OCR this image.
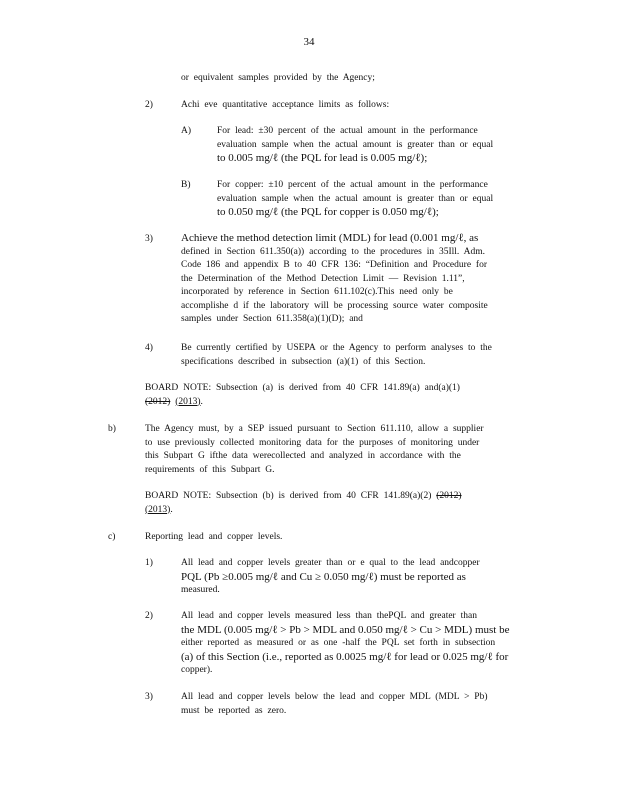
34

or equivalent samples provided by the Agency;

2)	Achi eve quantitative acceptance limits as follows:

A)	For lead: ±30 percent of the actual amount in the performance
evaluation sample when the actual amount is greater than or equal
to 0.005 mg/ℓ (the PQL for lead is 0.005 mg/ℓ);

B)	For copper: ±10 percent of the actual amount in the performance
evaluation sample when the actual amount is greater than or equal
to 0.050 mg/ℓ (the PQL for copper is 0.050 mg/ℓ);

3)	Achieve the method detection limit (MDL) for lead (0.001 mg/ℓ, as
defined in Section 611.350(a)) according to the procedures in 35Ill. Adm.
Code 186 and appendix B to 40 CFR 136: “Definition and Procedure for
the Determination of the Method Detection Limit — Revision 1.11”,
incorporated by reference in Section 611.102(c).This need only be
accomplishe d if the laboratory will be processing source water composite
samples under Section 611.358(a)(1)(D); and

4)	Be currently certified by USEPA or the Agency to perform analyses to the
specifications described in subsection (a)(1) of this Section.
BOARD NOTE: Subsection (a) is derived from 40 CFR 141.89(a) and(a)(1)
(2012) (2013).

b)	The Agency must, by a SEP issued pursuant to Section 611.110, allow a supplier
to use previously collected monitoring data for the purposes of monitoring under
this Subpart G ifthe data werecollected and analyzed in accordance with the
requirements of this Subpart G.
BOARD NOTE: Subsection (b) is derived from 40 CFR 141.89(a)(2) (2012)
(2013).

c)	Reporting lead and copper levels.

1)	All lead and copper levels greater than or e qual to the lead andcopper
PQL (Pb ≥0.005 mg/ℓ and Cu ≥ 0.050 mg/ℓ) must be reported as
measured.

2)	All lead and copper levels measured less than thePQL and greater than
the MDL (0.005 mg/ℓ > Pb > MDL and 0.050 mg/ℓ > Cu > MDL) must be
either reported as measured or as one -half the PQL set forth in subsection
(a) of this Section (i.e., reported as 0.0025 mg/ℓ for lead or 0.025 mg/ℓ for
copper).

3)	All lead and copper levels below the lead and copper MDL (MDL > Pb)
must be reported as zero.
